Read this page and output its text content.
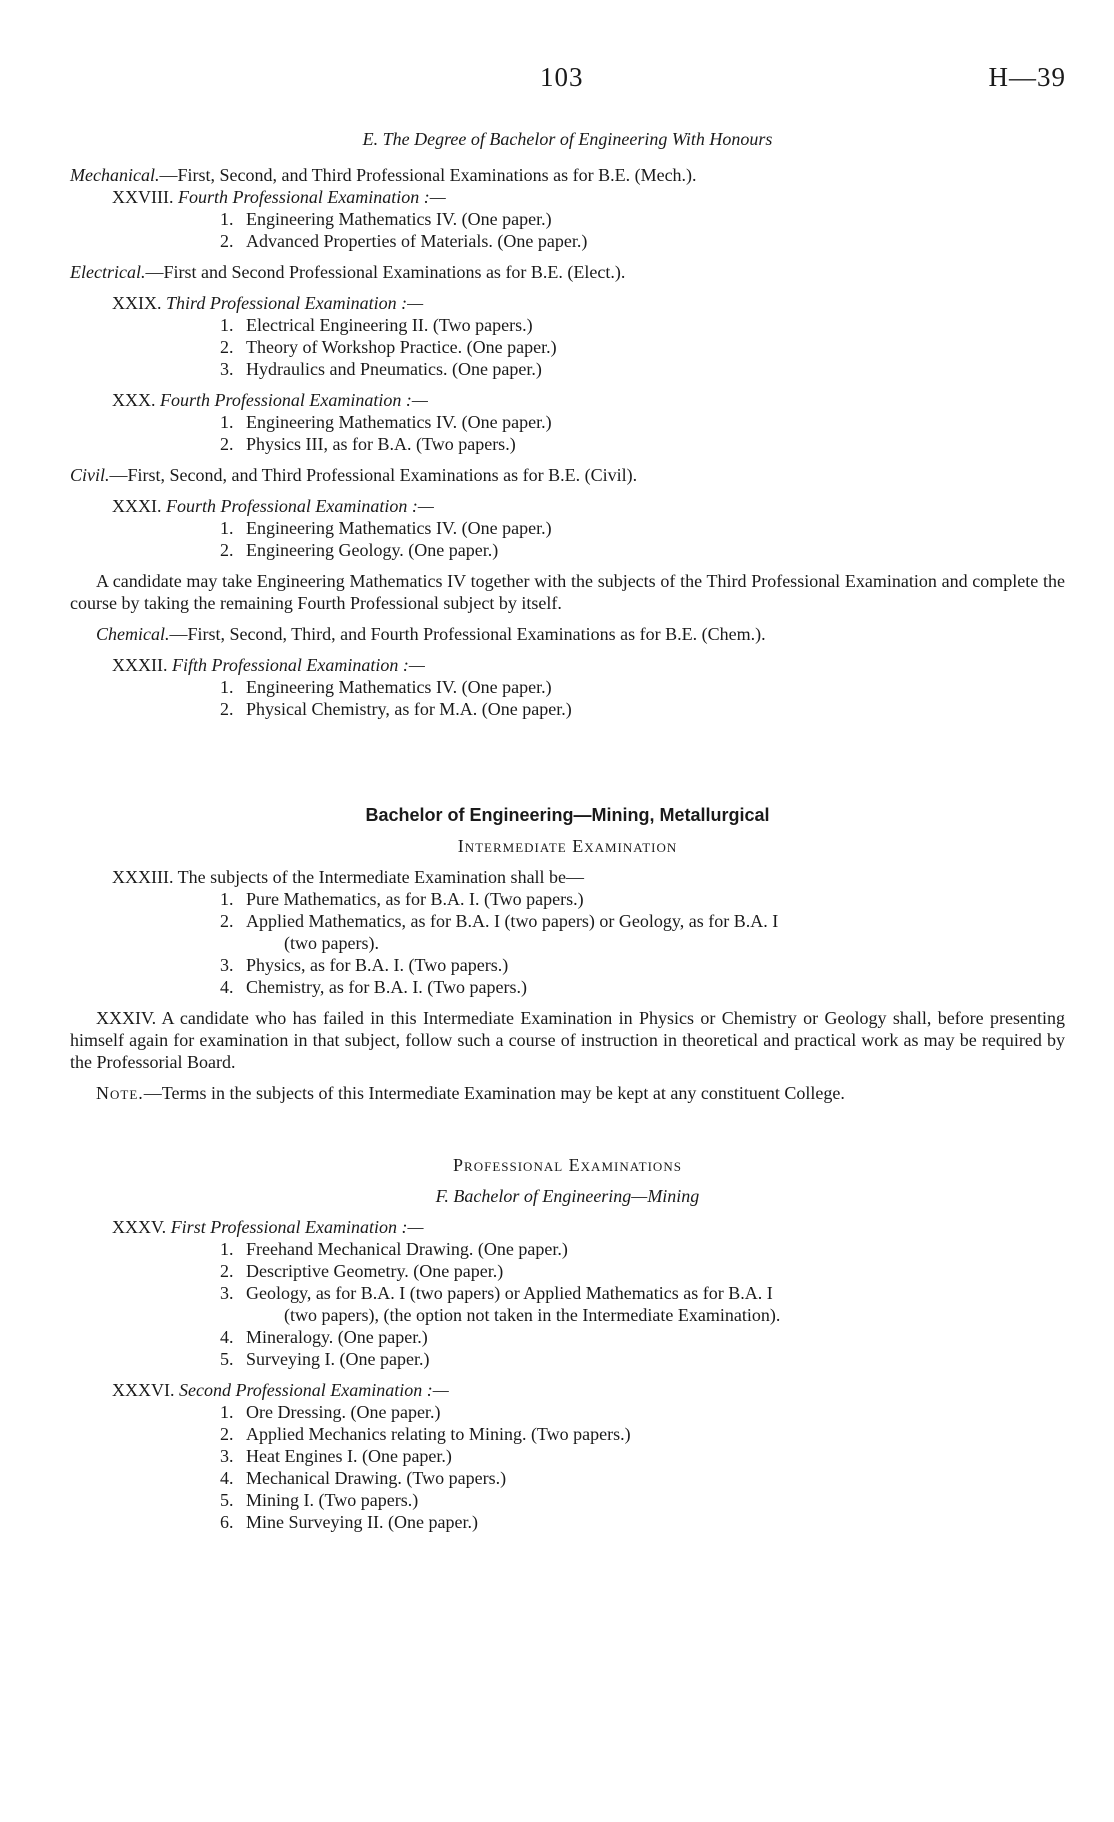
103	H—39
E. The Degree of Bachelor of Engineering With Honours
Mechanical.—First, Second, and Third Professional Examinations as for B.E. (Mech.).
XXVIII. Fourth Professional Examination :—
1. Engineering Mathematics IV. (One paper.)
2. Advanced Properties of Materials. (One paper.)
Electrical.—First and Second Professional Examinations as for B.E. (Elect.).
XXIX. Third Professional Examination :—
1. Electrical Engineering II. (Two papers.)
2. Theory of Workshop Practice. (One paper.)
3. Hydraulics and Pneumatics. (One paper.)
XXX. Fourth Professional Examination :—
1. Engineering Mathematics IV. (One paper.)
2. Physics III, as for B.A. (Two papers.)
Civil.—First, Second, and Third Professional Examinations as for B.E. (Civil).
XXXI. Fourth Professional Examination :—
1. Engineering Mathematics IV. (One paper.)
2. Engineering Geology. (One paper.)

A candidate may take Engineering Mathematics IV together with the subjects of the Third Professional Examination and complete the course by taking the remaining Fourth Professional subject by itself.

Chemical.—First, Second, Third, and Fourth Professional Examinations as for B.E. (Chem.).
XXXII. Fifth Professional Examination :—
1. Engineering Mathematics IV. (One paper.)
2. Physical Chemistry, as for M.A. (One paper.)
Bachelor of Engineering—Mining, Metallurgical
Intermediate Examination
XXXIII. The subjects of the Intermediate Examination shall be—
1. Pure Mathematics, as for B.A. I. (Two papers.)
2. Applied Mathematics, as for B.A. I (two papers) or Geology, as for B.A. I
(two papers).
3. Physics, as for B.A. I. (Two papers.)
4. Chemistry, as for B.A. I. (Two papers.)

XXXIV. A candidate who has failed in this Intermediate Examination in Physics or Chemistry or Geology shall, before presenting himself again for examination in that subject, follow such a course of instruction in theoretical and practical work as may be required by the Professorial Board.

Note.—Terms in the subjects of this Intermediate Examination may be kept at any constituent College.

Professional Examinations
F. Bachelor of Engineering—Mining
XXXV. First Professional Examination :—
1. Freehand Mechanical Drawing. (One paper.)
2. Descriptive Geometry. (One paper.)
3. Geology, as for B.A. I (two papers) or Applied Mathematics as for B.A. I
(two papers), (the option not taken in the Intermediate Examination).
4. Mineralogy. (One paper.)
5. Surveying I. (One paper.)
XXXVI. Second Professional Examination :—
1. Ore Dressing. (One paper.)
2. Applied Mechanics relating to Mining. (Two papers.)
3. Heat Engines I. (One paper.)
4. Mechanical Drawing. (Two papers.)
5. Mining I. (Two papers.)
6. Mine Surveying II. (One paper.)
